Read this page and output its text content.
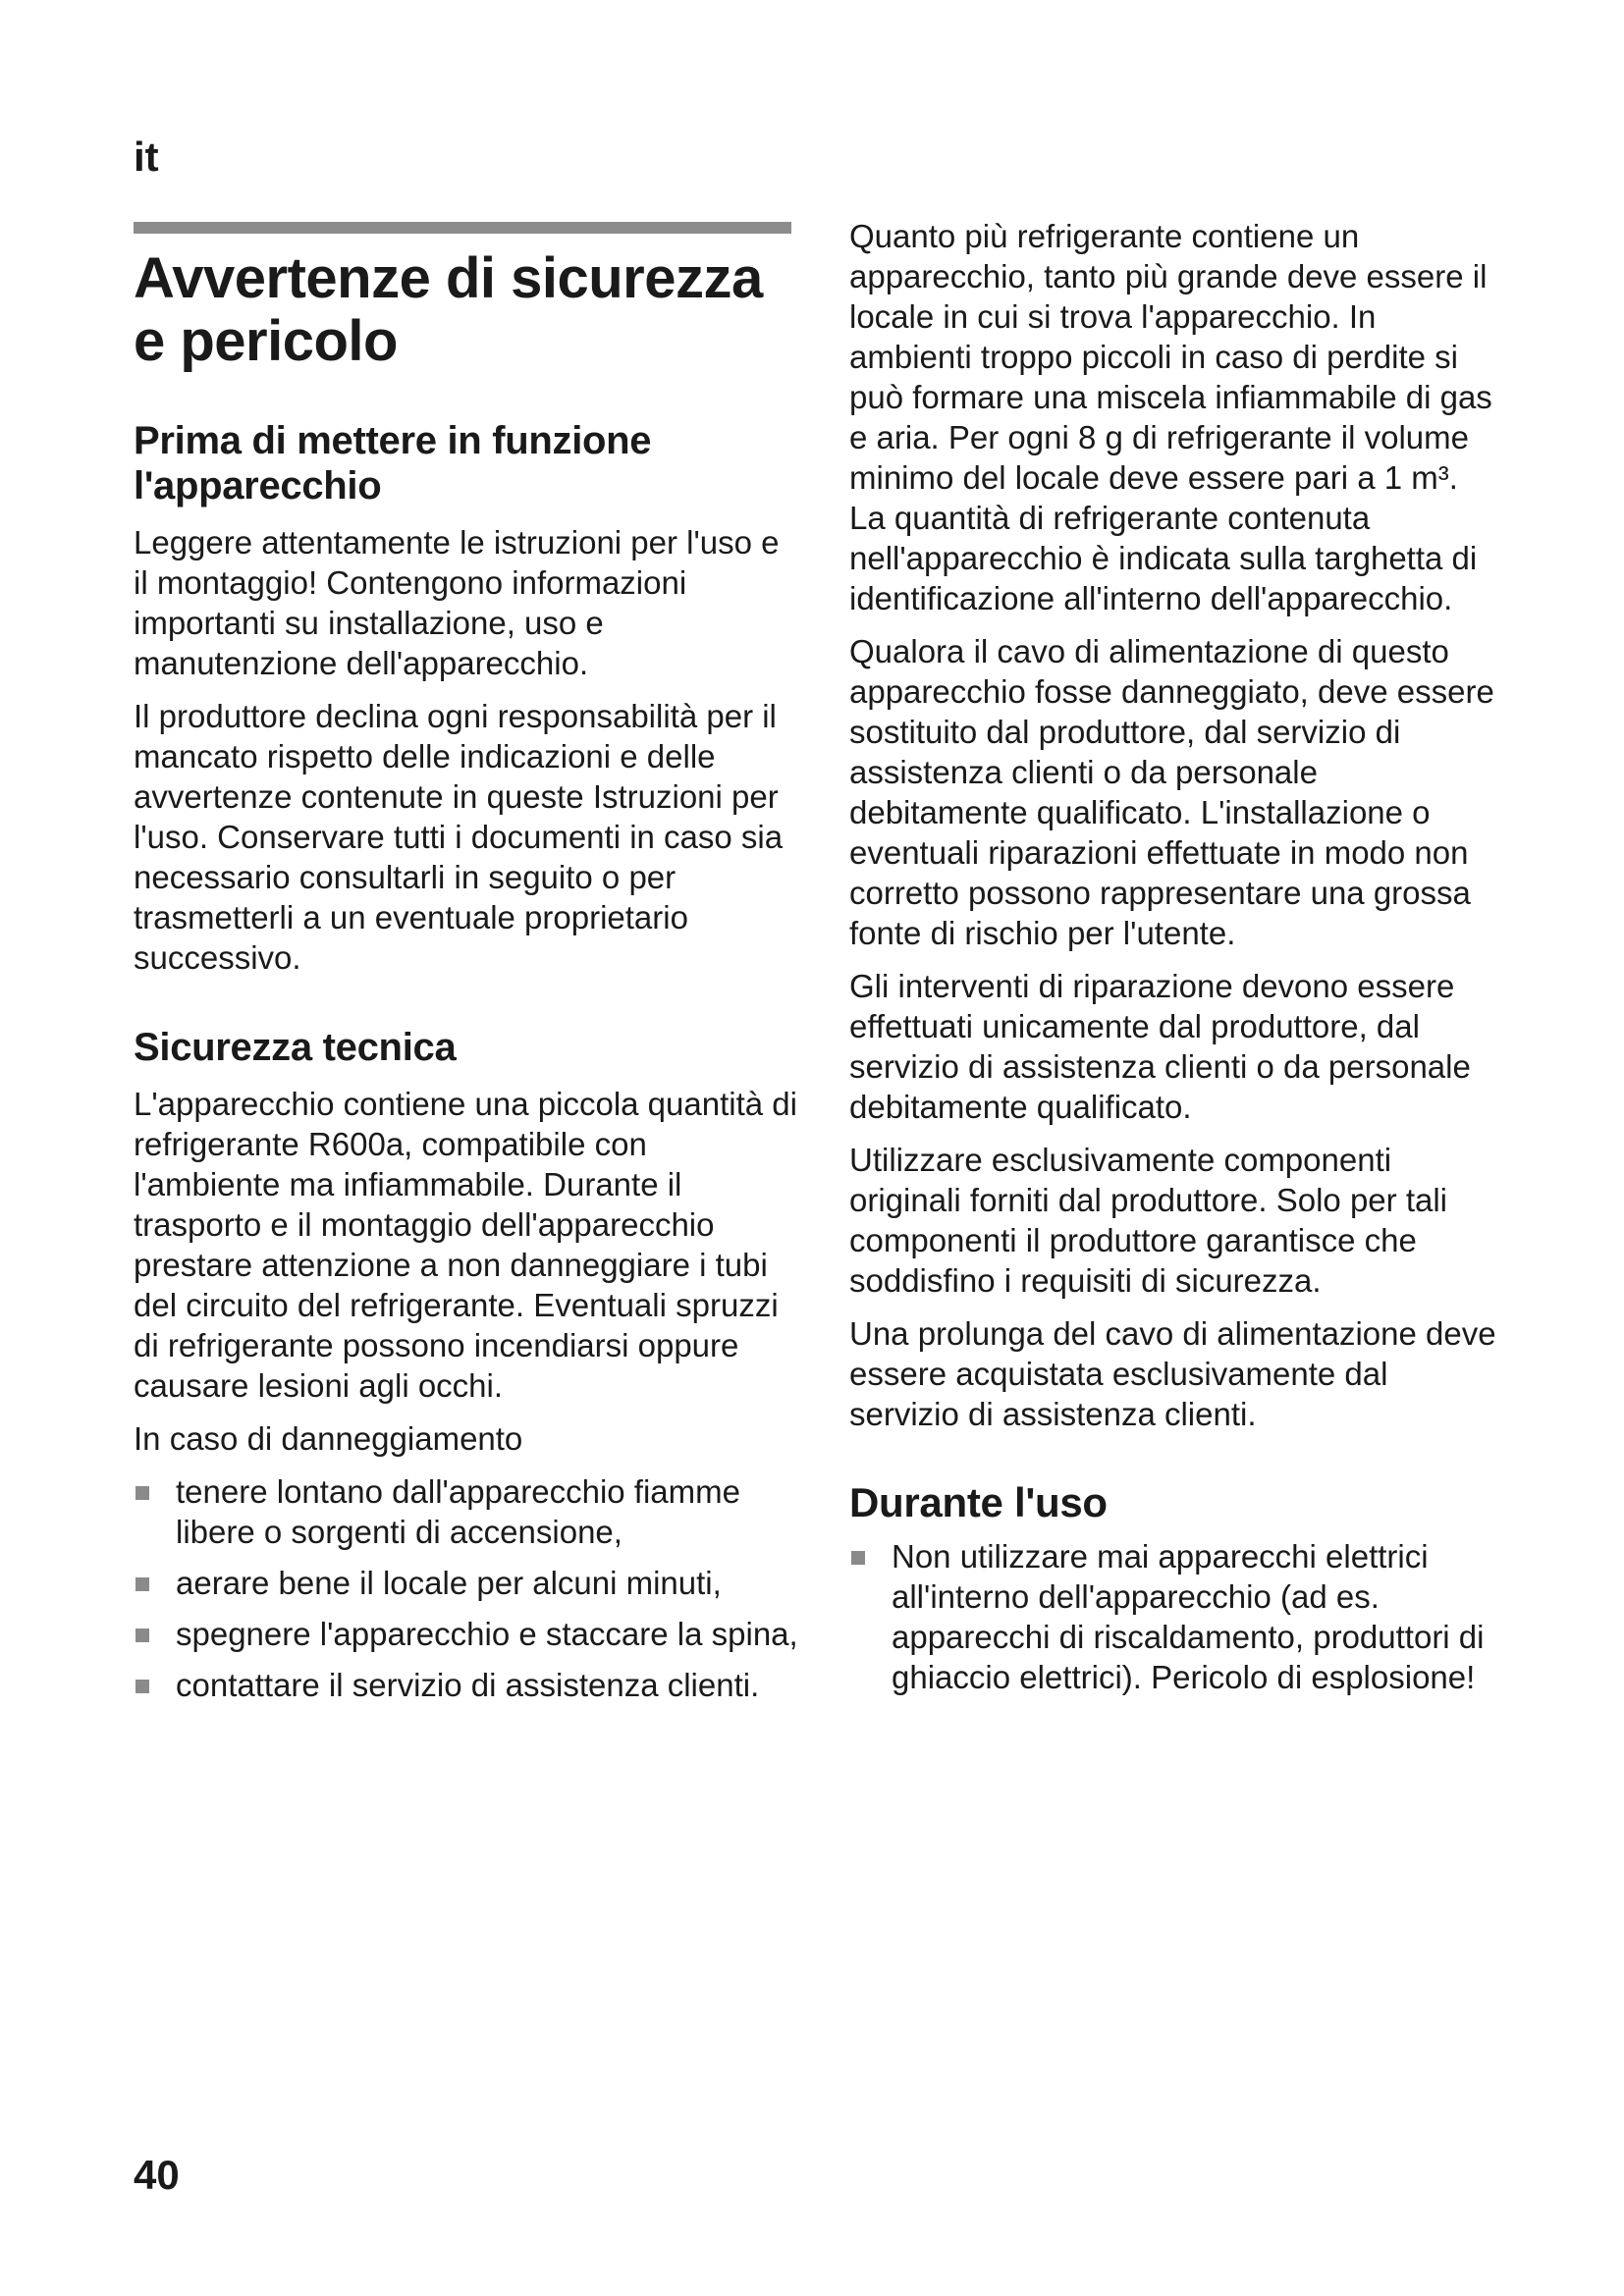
it
Avvertenze di sicurezza e pericolo
Prima di mettere in funzione l'apparecchio

Leggere attentamente le istruzioni per l'uso e il montaggio! Contengono informazioni importanti su installazione, uso e manutenzione dell'apparecchio.

Il produttore declina ogni responsabilità per il mancato rispetto delle indicazioni e delle avvertenze contenute in queste Istruzioni per l'uso. Conservare tutti i documenti in caso sia necessario consultarli in seguito o per trasmetterli a un eventuale proprietario successivo.

Sicurezza tecnica

L'apparecchio contiene una piccola quantità di refrigerante R600a, compatibile con l'ambiente ma infiammabile. Durante il trasporto e il montaggio dell'apparecchio prestare attenzione a non danneggiare i tubi del circuito del refrigerante. Eventuali spruzzi di refrigerante possono incendiarsi oppure causare lesioni agli occhi.

In caso di danneggiamento

tenere lontano dall'apparecchio fiamme libere o sorgenti di accensione,
aerare bene il locale per alcuni minuti,
spegnere l'apparecchio e staccare la spina,
contattare il servizio di assistenza clienti.

Quanto più refrigerante contiene un apparecchio, tanto più grande deve essere il locale in cui si trova l'apparecchio. In ambienti troppo piccoli in caso di perdite si può formare una miscela infiammabile di gas e aria. Per ogni 8 g di refrigerante il volume minimo del locale deve essere pari a 1 m³. La quantità di refrigerante contenuta nell'apparecchio è indicata sulla targhetta di identificazione all'interno dell'apparecchio.

Qualora il cavo di alimentazione di questo apparecchio fosse danneggiato, deve essere sostituito dal produttore, dal servizio di assistenza clienti o da personale debitamente qualificato. L'installazione o eventuali riparazioni effettuate in modo non corretto possono rappresentare una grossa fonte di rischio per l'utente.

Gli interventi di riparazione devono essere effettuati unicamente dal produttore, dal servizio di assistenza clienti o da personale debitamente qualificato.

Utilizzare esclusivamente componenti originali forniti dal produttore. Solo per tali componenti il produttore garantisce che soddisfino i requisiti di sicurezza.

Una prolunga del cavo di alimentazione deve essere acquistata esclusivamente dal servizio di assistenza clienti.

Durante l'uso
Non utilizzare mai apparecchi elettrici all'interno dell'apparecchio (ad es. apparecchi di riscaldamento, produttori di ghiaccio elettrici). Pericolo di esplosione!
40
